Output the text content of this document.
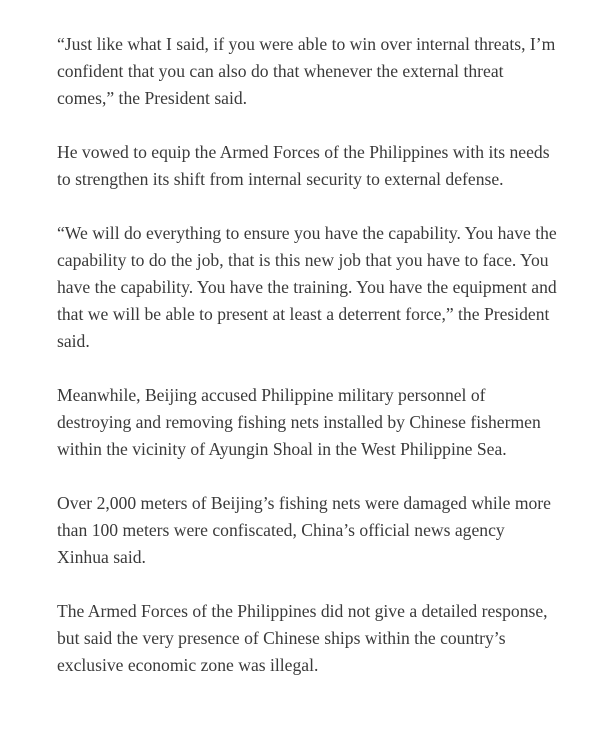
“Just like what I said, if you were able to win over internal threats, I’m confident that you can also do that whenever the external threat comes,” the President said.

He vowed to equip the Armed Forces of the Philippines with its needs to strengthen its shift from internal security to external defense.

“We will do everything to ensure you have the capability. You have the capability to do the job, that is this new job that you have to face. You have the capability. You have the training. You have the equipment and that we will be able to present at least a deterrent force,” the President said.

Meanwhile, Beijing accused Philippine military personnel of destroying and removing fishing nets installed by Chinese fishermen within the vicinity of Ayungin Shoal in the West Philippine Sea.

Over 2,000 meters of Beijing’s fishing nets were damaged while more than 100 meters were confiscated, China’s official news agency Xinhua said.

The Armed Forces of the Philippines did not give a detailed response, but said the very presence of Chinese ships within the country’s exclusive economic zone was illegal.
